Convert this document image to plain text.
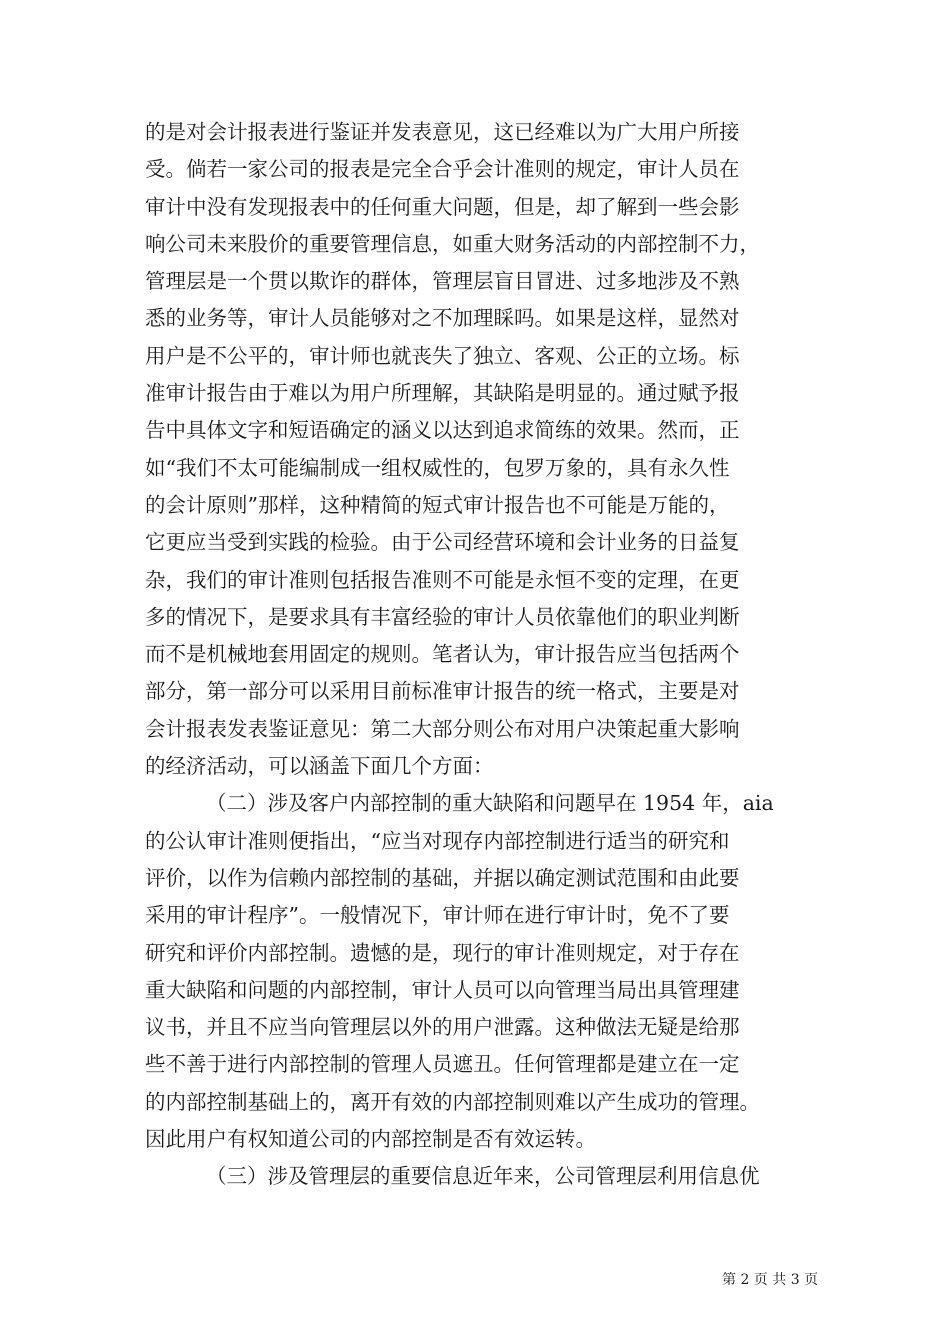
的是对会计报表进行鉴证并发表意见，这已经难以为广大用户所接
受。倘若一家公司的报表是完全合乎会计准则的规定，审计人员在
审计中没有发现报表中的任何重大问题，但是，却了解到一些会影
响公司未来股价的重要管理信息，如重大财务活动的内部控制不力，
管理层是一个贯以欺诈的群体，管理层盲目冒进、过多地涉及不熟
悉的业务等，审计人员能够对之不加理睬吗。如果是这样，显然对
用户是不公平的，审计师也就丧失了独立、客观、公正的立场。标
准审计报告由于难以为用户所理解，其缺陷是明显的。通过赋予报
告中具体文字和短语确定的涵义以达到追求简练的效果。然而，正
如“我们不太可能编制成一组权威性的，包罗万象的，具有永久性
的会计原则”那样，这种精简的短式审计报告也不可能是万能的，
它更应当受到实践的检验。由于公司经营环境和会计业务的日益复
杂，我们的审计准则包括报告准则不可能是永恒不变的定理，在更
多的情况下，是要求具有丰富经验的审计人员依靠他们的职业判断
而不是机械地套用固定的规则。笔者认为，审计报告应当包括两个
部分，第一部分可以采用目前标准审计报告的统一格式，主要是对
会计报表发表鉴证意见：第二大部分则公布对用户决策起重大影响
的经济活动，可以涵盖下面几个方面：
（二）涉及客户内部控制的重大缺陷和问题早在 1954 年，aia
的公认审计准则便指出，“应当对现存内部控制进行适当的研究和
评价，以作为信赖内部控制的基础，并据以确定测试范围和由此要
采用的审计程序”。一般情况下，审计师在进行审计时，免不了要
研究和评价内部控制。遗憾的是，现行的审计准则规定，对于存在
重大缺陷和问题的内部控制，审计人员可以向管理当局出具管理建
议书，并且不应当向管理层以外的用户泄露。这种做法无疑是给那
些不善于进行内部控制的管理人员遮丑。任何管理都是建立在一定
的内部控制基础上的，离开有效的内部控制则难以产生成功的管理。
因此用户有权知道公司的内部控制是否有效运转。
（三）涉及管理层的重要信息近年来，公司管理层利用信息优
第 2 页 共 3 页
